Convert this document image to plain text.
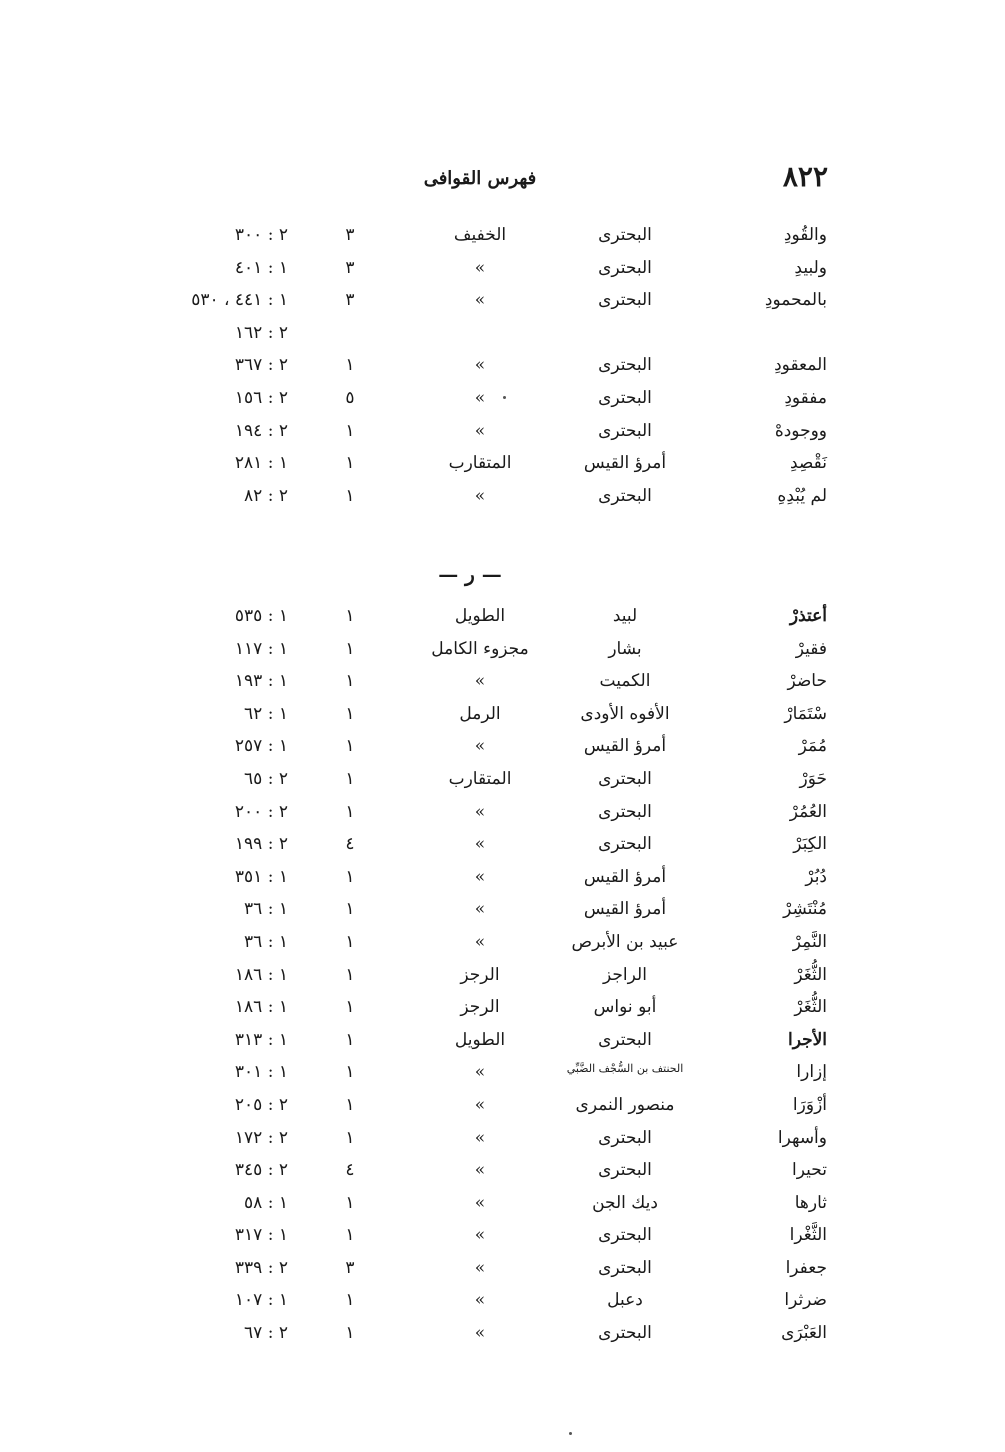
٨٢٢
فهرس القوافى
والقُودِ
البحترى
الخفيف
٣
٢ : ٣٠٠
ولبيدِ
البحترى
»
٣
١ : ٤٠١
بالمحمودِ
البحترى
»
٣
١ : ٤٤١ ، ٥٣٠
٢ : ١٦٢
المعقودِ
البحترى
»
١
٢ : ٣٦٧
مفقودِ
البحترى
»
٥
٢ : ١٥٦
ووجودهْ
البحترى
»
١
٢ : ١٩٤
نَقْصِدِ
أمرؤ القيس
المتقارب
١
١ : ٢٨١
لم يُبْدِهِ
البحترى
»
١
٢ : ٨٢
— ر —
أعتذرْ
لبيد
الطويل
١
١ : ٥٣٥
فقيرْ
بشار
مجزوء الكامل
١
١ : ١١٧
حاضرْ
الكميت
»
١
١ : ١٩٣
سْتَمَارْ
الأفوه الأودى
الرمل
١
١ : ٦٢
مُمَرْ
أمرؤ القيس
»
١
١ : ٢٥٧
حَوَرْ
البحترى
المتقارب
١
٢ : ٦٥
العُمُرْ
البحترى
»
١
٢ : ٢٠٠
الكِبَرْ
البحترى
»
٤
٢ : ١٩٩
دُبُرْ
أمرؤ القيس
»
١
١ : ٣٥١
مُنْتَشِرْ
أمرؤ القيس
»
١
١ : ٣٦
النَّمِرْ
عبيد بن الأبرص
»
١
١ : ٣٦
الثُّغَرْ
الراجز
الرجز
١
١ : ١٨٦
الثُّغَرْ
أبو نواس
الرجز
١
١ : ١٨٦
الأجرا
البحترى
الطويل
١
١ : ٣١٣
إزارا
الحنتف بن السُّجْف الضَّبِّي
»
١
١ : ٣٠١
أزْوَرَا
منصور النمرى
»
١
٢ : ٢٠٥
وأسهرا
البحترى
»
١
٢ : ١٧٢
تحيرا
البحترى
»
٤
٢ : ٣٤٥
ثارها
ديك الجن
»
١
١ : ٥٨
الثَّغْرا
البحترى
»
١
١ : ٣١٧
جعفرا
البحترى
»
٣
٢ : ٣٣٩
ضرثرا
دعبل
»
١
١ : ١٠٧
العَبْرَى
البحترى
»
١
٢ : ٦٧
